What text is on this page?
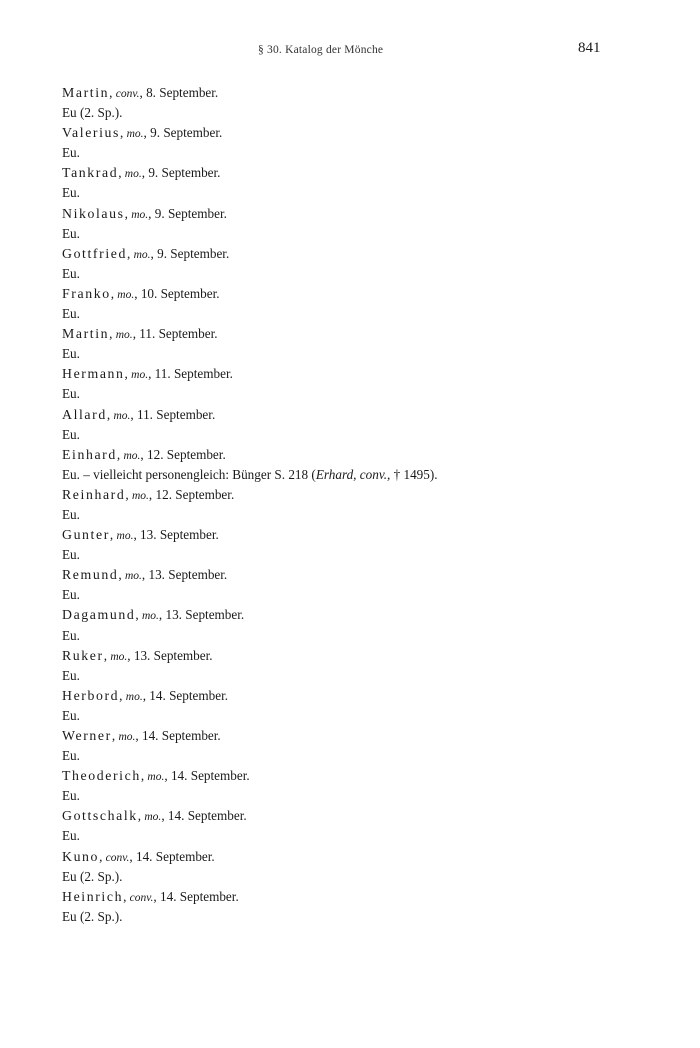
§ 30. Katalog der Mönche	841
Martin, conv., 8. September.
Eu (2. Sp.).
Valerius, mo., 9. September.
Eu.
Tankrad, mo., 9. September.
Eu.
Nikolaus, mo., 9. September.
Eu.
Gottfried, mo., 9. September.
Eu.
Franko, mo., 10. September.
Eu.
Martin, mo., 11. September.
Eu.
Hermann, mo., 11. September.
Eu.
Allard, mo., 11. September.
Eu.
Einhard, mo., 12. September.
Eu. – vielleicht personengleich: Bünger S. 218 (Erhard, conv., † 1495).
Reinhard, mo., 12. September.
Eu.
Gunter, mo., 13. September.
Eu.
Remund, mo., 13. September.
Eu.
Dagamund, mo., 13. September.
Eu.
Ruker, mo., 13. September.
Eu.
Herbord, mo., 14. September.
Eu.
Werner, mo., 14. September.
Eu.
Theoderich, mo., 14. September.
Eu.
Gottschalk, mo., 14. September.
Eu.
Kuno, conv., 14. September.
Eu (2. Sp.).
Heinrich, conv., 14. September.
Eu (2. Sp.).
